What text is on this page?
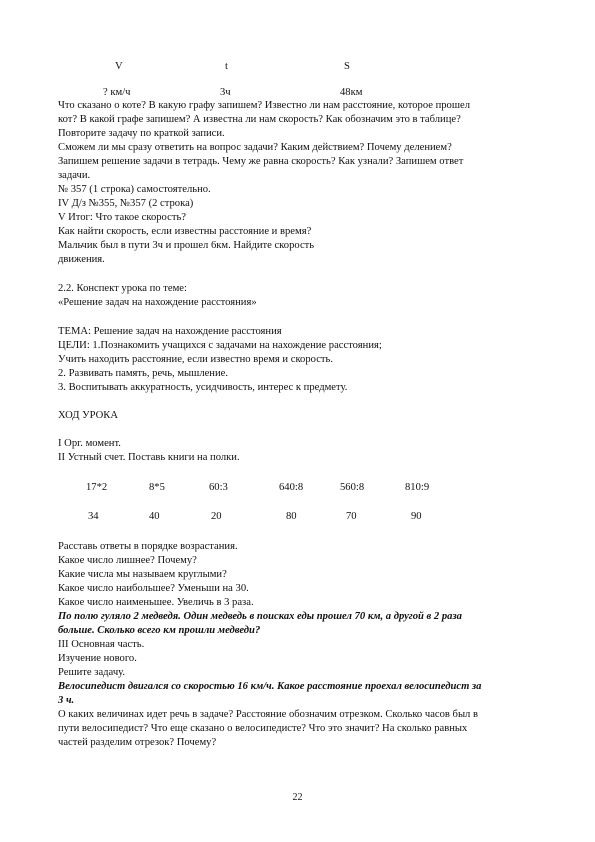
V	t	S
? км/ч	3ч	48км
Что сказано о коте? В какую графу запишем? Известно ли нам расстояние, которое прошел
кот? В какой графе запишем? А известна ли нам скорость? Как обозначим это в таблице?
Повторите задачу по краткой записи.
Сможем ли мы сразу ответить на вопрос задачи? Каким действием? Почему делением?
Запишем решение задачи в тетрадь. Чему же равна скорость? Как узнали? Запишем ответ
задачи.
№ 357 (1 строка) самостоятельно.
IV Д/з №355, №357 (2 строка)
V Итог: Что такое скорость?
Как найти скорость, если известны расстояние и время?
Мальчик был в пути 3ч и прошел 6км. Найдите скорость
движения.
2.2. Конспект урока по теме:
«Решение задач на нахождение расстояния»
ТЕМА: Решение задач на нахождение расстояния
ЦЕЛИ: 1.Познакомить учащихся с задачами на нахождение расстояния;
Учить находить расстояние, если известно время и скорость.
2. Развивать память, речь, мышление.
3. Воспитывать аккуратность, усидчивость, интерес к предмету.
ХОД УРОКА
I Орг. момент.
II Устный счет. Поставь книги на полки.
17*2	8*5	60:3	640:8	560:8	810:9
34	40	20	80	70	90
Расставь ответы в порядке возрастания.
Какое число лишнее? Почему?
Какие числа мы называем круглыми?
Какое число наибольшее? Уменьши на 30.
Какое число наименьшее. Увеличь в 3 раза.
По полю гуляло 2 медведя. Один медведь в поисках еды прошел 70 км, а другой в 2 раза
больше. Сколько всего км прошли медведи?
III Основная часть.
Изучение нового.
Решите задачу.
Велосипедист двигался со скоростью 16 км/ч. Какое расстояние проехал велосипедист за
3 ч.
О каких величинах идет речь в задаче? Расстояние обозначим отрезком. Сколько часов был в
пути велосипедист? Что еще сказано о велосипедисте? Что это значит? На сколько равных
частей разделим отрезок? Почему?
22
